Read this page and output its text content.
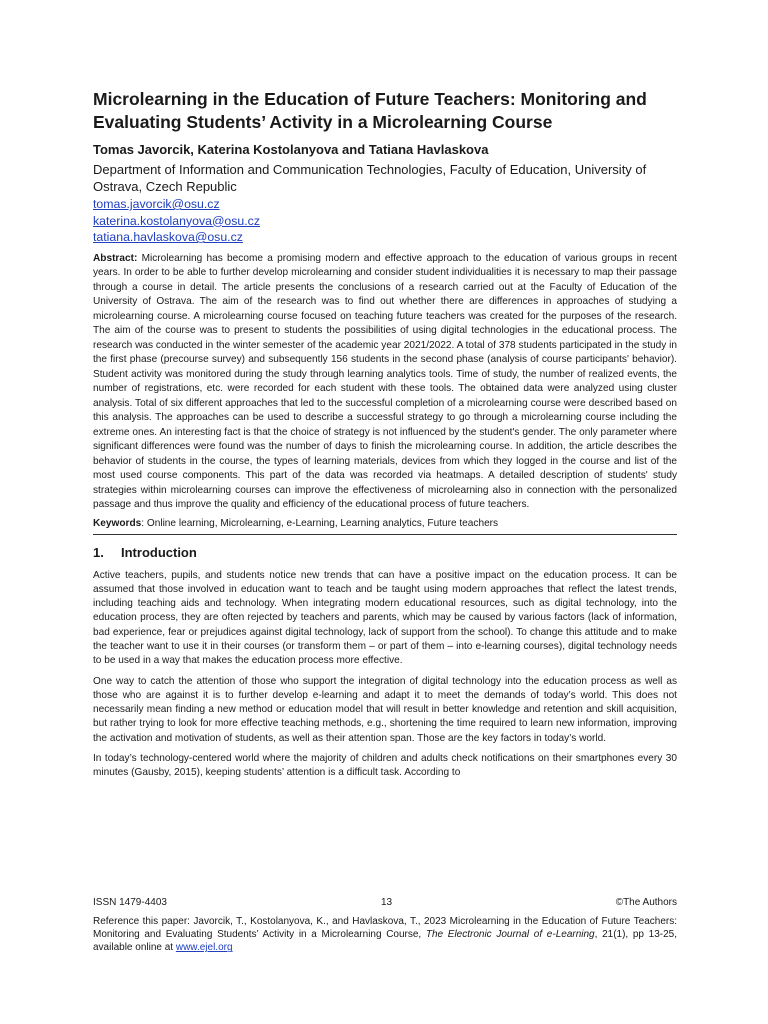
Microlearning in the Education of Future Teachers: Monitoring and Evaluating Students’ Activity in a Microlearning Course
Tomas Javorcik, Katerina Kostolanyova and Tatiana Havlaskova
Department of Information and Communication Technologies, Faculty of Education, University of Ostrava, Czech Republic
tomas.javorcik@osu.cz
katerina.kostolanyova@osu.cz
tatiana.havlaskova@osu.cz

Abstract: Microlearning has become a promising modern and effective approach to the education of various groups in recent years. In order to be able to further develop microlearning and consider student individualities it is necessary to map their passage through a course in detail. The article presents the conclusions of a research carried out at the Faculty of Education of the University of Ostrava. The aim of the research was to find out whether there are differences in approaches of studying a microlearning course. A microlearning course focused on teaching future teachers was created for the purposes of the research. The aim of the course was to present to students the possibilities of using digital technologies in the educational process. The research was conducted in the winter semester of the academic year 2021/2022. A total of 378 students participated in the study in the first phase (precourse survey) and subsequently 156 students in the second phase (analysis of course participants' behavior). Student activity was monitored during the study through learning analytics tools. Time of study, the number of realized events, the number of registrations, etc. were recorded for each student with these tools. The obtained data were analyzed using cluster analysis. Total of six different approaches that led to the successful completion of a microlearning course were described based on this analysis. The approaches can be used to describe a successful strategy to go through a microlearning course including the extreme ones. An interesting fact is that the choice of strategy is not influenced by the student's gender. The only parameter where significant differences were found was the number of days to finish the microlearning course. In addition, the article describes the behavior of students in the course, the types of learning materials, devices from which they logged in the course and list of the most used course components. This part of the data was recorded via heatmaps. A detailed description of students' study strategies within microlearning courses can improve the effectiveness of microlearning also in connection with the personalized passage and thus improve the quality and efficiency of the educational process of future teachers.

Keywords: Online learning, Microlearning, e-Learning, Learning analytics, Future teachers
1. Introduction

Active teachers, pupils, and students notice new trends that can have a positive impact on the education process. It can be assumed that those involved in education want to teach and be taught using modern approaches that reflect the latest trends, including teaching aids and technology. When integrating modern educational resources, such as digital technology, into the education process, they are often rejected by teachers and parents, which may be caused by various factors (lack of information, bad experience, fear or prejudices against digital technology, lack of support from the school). To change this attitude and to make the teacher want to use it in their courses (or transform them – or part of them – into e-learning courses), digital technology needs to be used in a way that makes the education process more effective.

One way to catch the attention of those who support the integration of digital technology into the education process as well as those who are against it is to further develop e-learning and adapt it to meet the demands of today’s world. This does not necessarily mean finding a new method or education model that will result in better knowledge and retention and skill acquisition, but rather trying to look for more effective teaching methods, e.g., shortening the time required to learn new information, improving the activation and motivation of students, as well as their attention span. Those are the key factors in today’s world.

In today’s technology-centered world where the majority of children and adults check notifications on their smartphones every 30 minutes (Gausby, 2015), keeping students’ attention is a difficult task. According to

ISSN 1479-4403	13	©The Authors
Reference this paper: Javorcik, T., Kostolanyova, K., and Havlaskova, T., 2023 Microlearning in the Education of Future Teachers: Monitoring and Evaluating Students’ Activity in a Microlearning Course, The Electronic Journal of e-Learning, 21(1), pp 13-25, available online at www.ejel.org
